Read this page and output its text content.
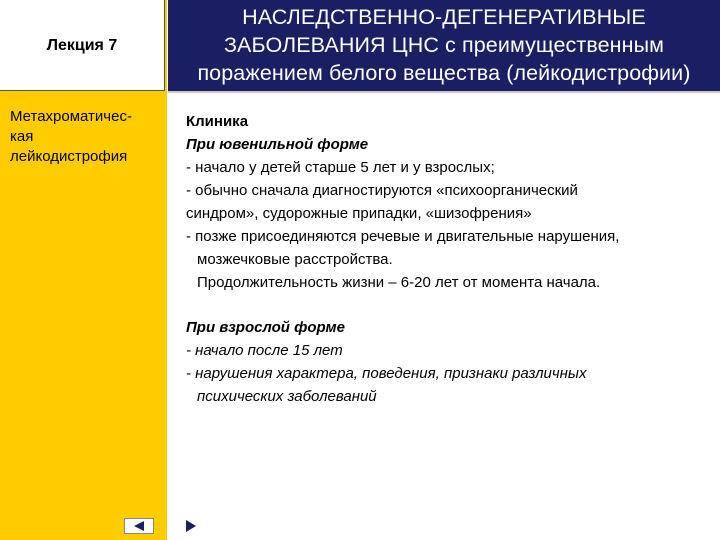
Лекция 7
НАСЛЕДСТВЕННО-ДЕГЕНЕРАТИВНЫЕ
ЗАБОЛЕВАНИЯ ЦНС с преимущественным
поражением белого вещества (лейкодистрофии)
Метахроматичес-
кая
лейкодистрофия
Клиника
При ювенильной форме
- начало у детей старше 5 лет и у взрослых;
- обычно сначала диагностируются «психоорганический
синдром», судорожные припадки, «шизофрения»
- позже присоединяются речевые и двигательные нарушения,
мозжечковые расстройства.
Продолжительность жизни – 6-20 лет от момента начала.
При взрослой форме
- начало после 15 лет
- нарушения характера, поведения, признаки различных
психических заболеваний
